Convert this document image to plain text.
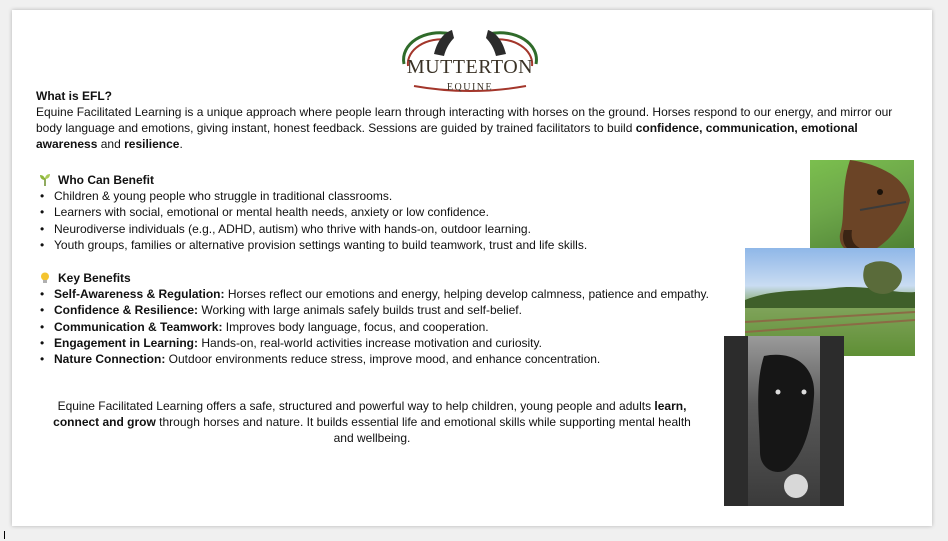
MUTTERTON
EQUINE
What is EFL?

Equine Facilitated Learning is a unique approach where people learn through interacting with horses on the ground. Horses respond to our energy, and mirror our body language and emotions, giving instant, honest feedback. Sessions are guided by trained facilitators to build confidence, communication, emotional awareness and resilience.

Who Can Benefit
• Children & young people who struggle in traditional classrooms.
• Learners with social, emotional or mental health needs, anxiety or low confidence.
• Neurodiverse individuals (e.g., ADHD, autism) who thrive with hands-on, outdoor learning.
• Youth groups, families or alternative provision settings wanting to build teamwork, trust and life skills.
Key Benefits
• Self-Awareness & Regulation: Horses reflect our emotions and energy, helping develop calmness, patience and empathy.
• Confidence & Resilience: Working with large animals safely builds trust and self-belief.
• Communication & Teamwork: Improves body language, focus, and cooperation.
• Engagement in Learning: Hands-on, real-world activities increase motivation and curiosity.
• Nature Connection: Outdoor environments reduce stress, improve mood, and enhance concentration.
Equine Facilitated Learning offers a safe, structured and powerful way to help children, young people and adults learn, connect and grow through horses and nature. It builds essential life and emotional skills while supporting mental health and wellbeing.
